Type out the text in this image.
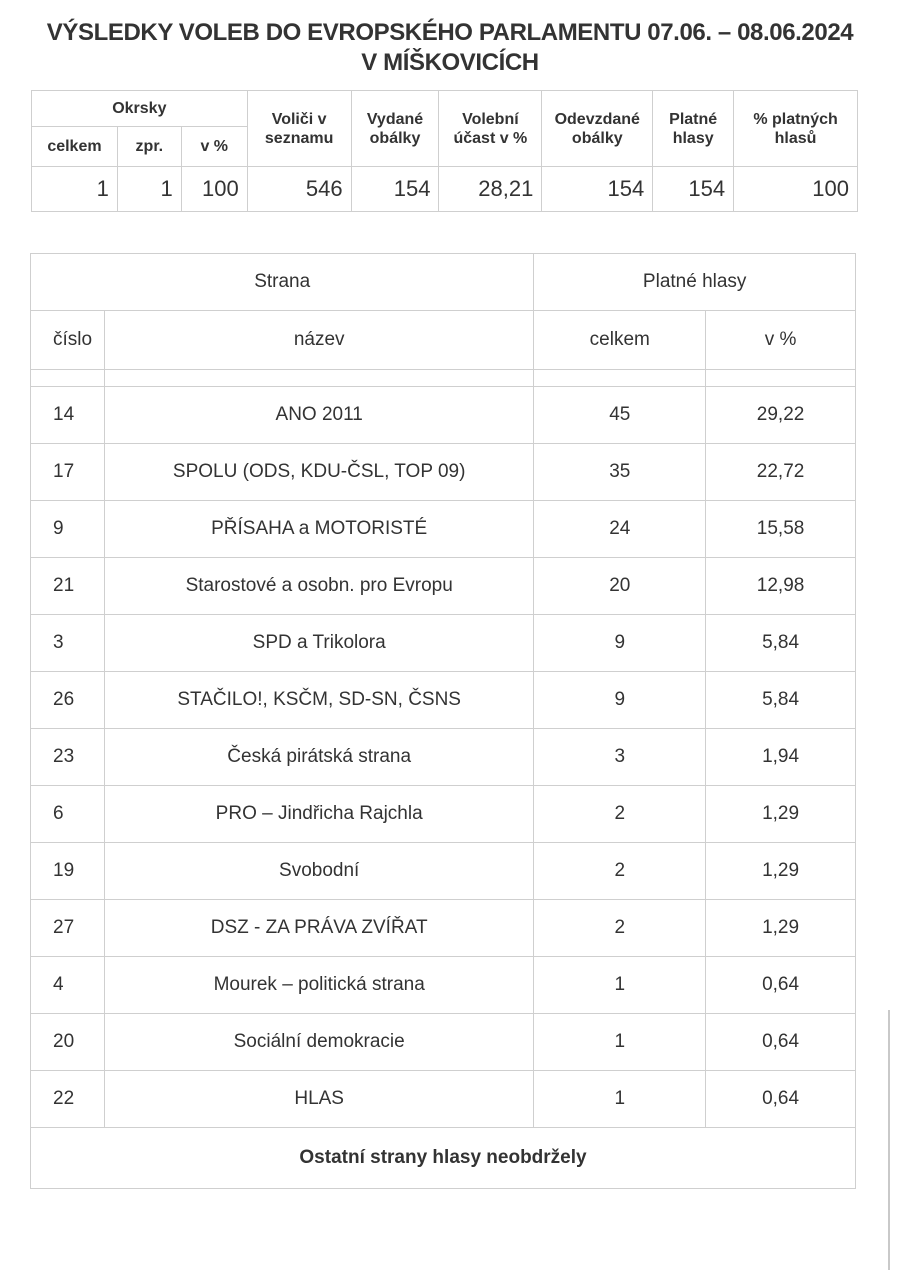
VÝSLEDKY VOLEB DO EVROPSKÉHO PARLAMENTU 07.06. – 08.06.2024
V MÍŠKOVICÍCH
Okrsky			Voliči v seznamu	Vydané obálky	Volební účast v %	Odevzdané obálky	Platné hlasy	% platných hlasů
celkem	zpr.	v %						
1	1	100	546	154	28,21	154	154	100
Strana		Platné hlasy	
číslo	název	celkem	v %

14	ANO 2011	45	29,22
17	SPOLU (ODS, KDU-ČSL, TOP 09)	35	22,72
9	PŘÍSAHA a MOTORISTÉ	24	15,58
21	Starostové a osobn. pro Evropu	20	12,98
3	SPD a Trikolora	9	5,84
26	STAČILO!, KSČM, SD-SN, ČSNS	9	5,84
23	Česká pirátská strana	3	1,94
6	PRO – Jindřicha Rajchla	2	1,29
19	Svobodní	2	1,29
27	DSZ - ZA PRÁVA ZVÍŘAT	2	1,29
4	Mourek – politická strana	1	0,64
20	Sociální demokracie	1	0,64
22	HLAS	1	0,64
Ostatní strany hlasy neobdržely			
